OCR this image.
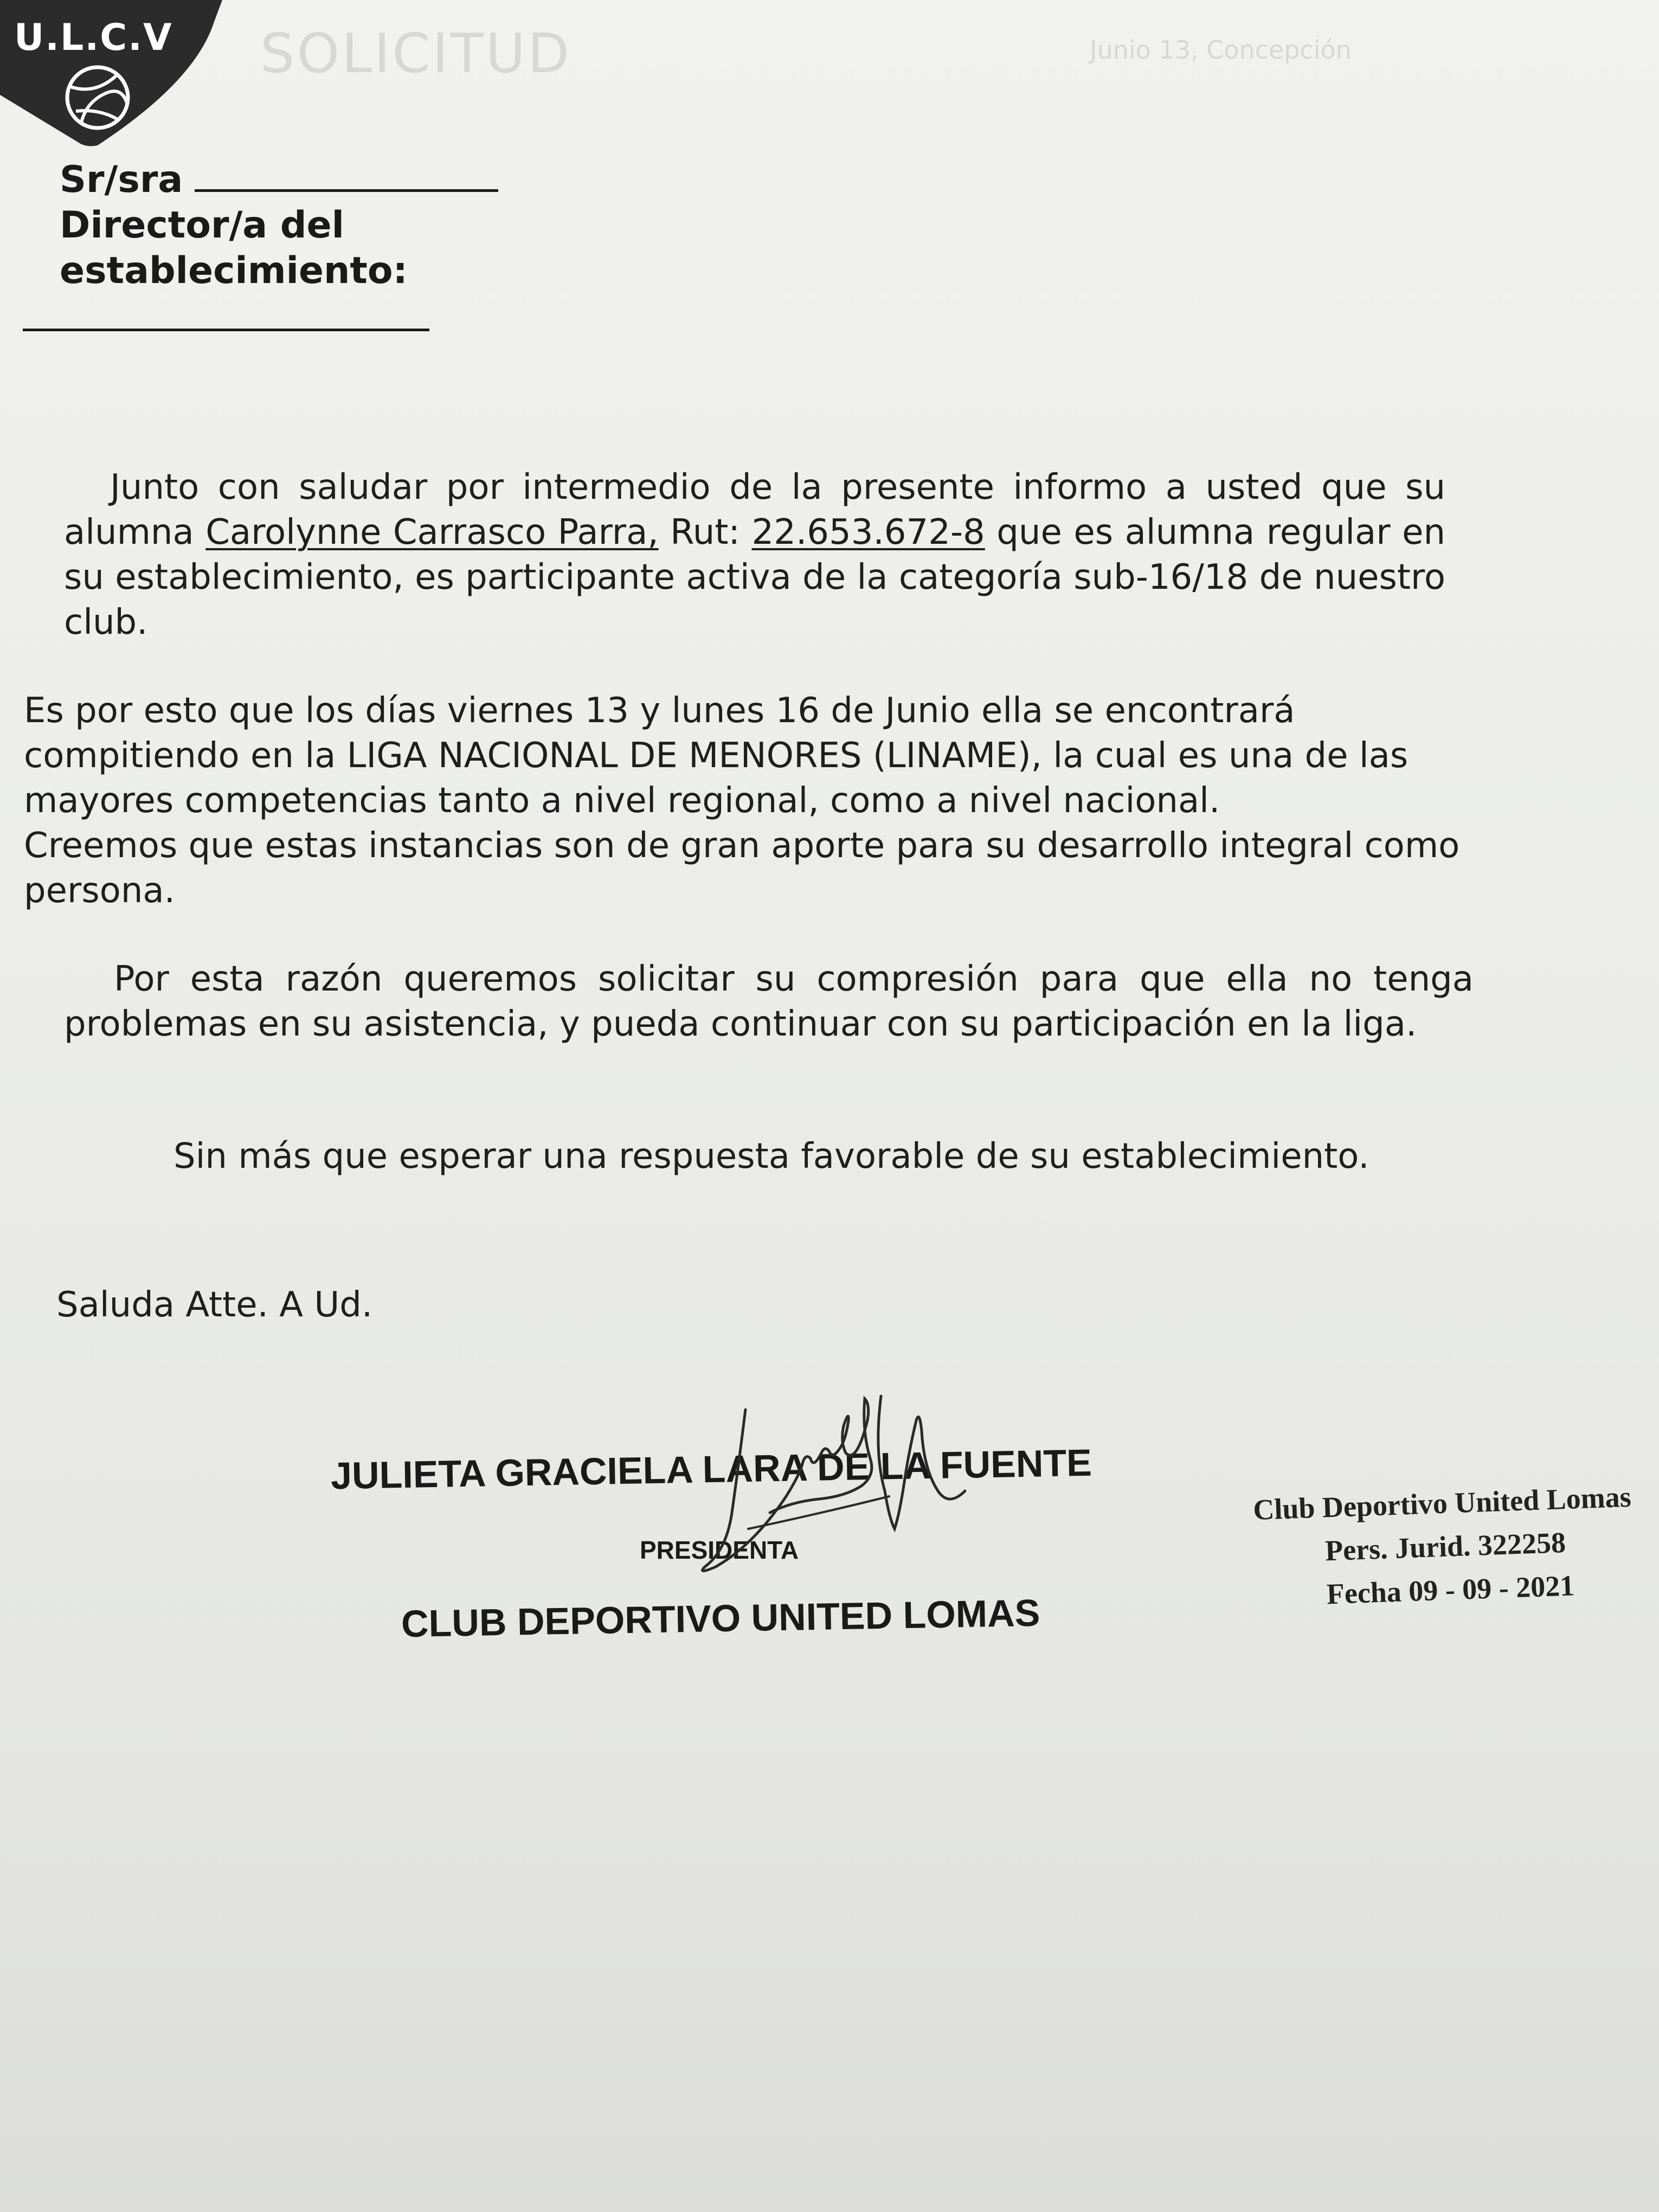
SOLICITUD	Junio 13, Concepción
U.L.C.V
Sr/sra
Director/a del
establecimiento:
Junto con saludar por intermedio de la presente informo a usted que su alumna Carolynne Carrasco Parra, Rut: 22.653.672-8 que es alumna regular en su establecimiento, es participante activa de la categoría sub-16/18 de nuestro club.
Es por esto que los días viernes 13 y lunes 16 de Junio ella se encontrará
compitiendo en la LIGA NACIONAL DE MENORES (LINAME), la cual es una de las
mayores competencias tanto a nivel regional, como a nivel nacional.
Creemos que estas instancias son de gran aporte para su desarrollo integral como
persona.
Por esta razón queremos solicitar su compresión para que ella no tenga problemas en su asistencia, y pueda continuar con su participación en la liga.
Sin más que esperar una respuesta favorable de su establecimiento.
Saluda Atte. A Ud.
JULIETA GRACIELA LARA DE LA FUENTE
PRESIDENTA
CLUB DEPORTIVO UNITED LOMAS
Club Deportivo United Lomas
Pers. Jurid. 322258
Fecha 09 - 09 - 2021
